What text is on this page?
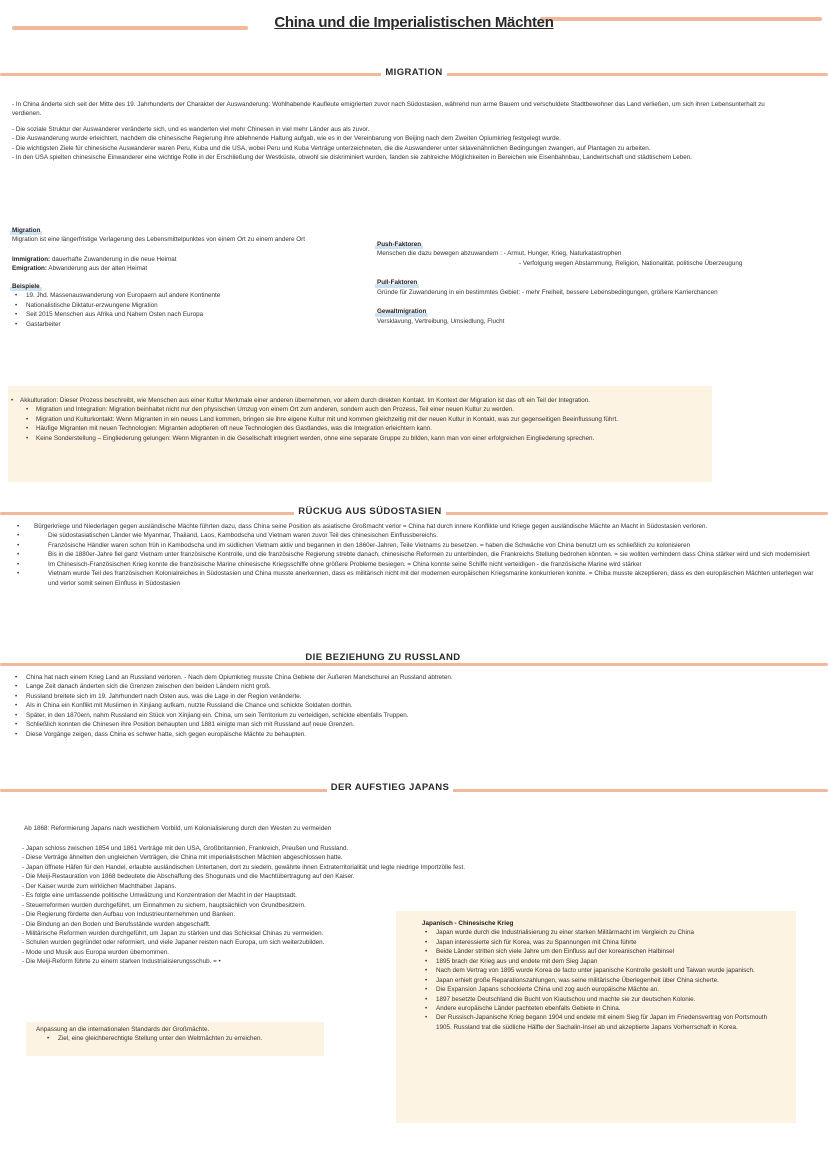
China und die Imperialistischen Mächten
MIGRATION

- In China änderte sich seit der Mitte des 19. Jahrhunderts der Charakter der Auswanderung: Wohlhabende Kaufleute emigrierten zuvor nach Südostasien, während nun arme Bauern und verschuldete Stadtbewohner das Land verließen, um sich ihren Lebensunterhalt zu verdienen.

- Die soziale Struktur der Auswanderer veränderte sich, und es wanderten viel mehr Chinesen in viel mehr Länder aus als zuvor.

- Die Auswanderung wurde erleichtert, nachdem die chinesische Regierung ihre ablehnende Haltung aufgab, wie es in der Vereinbarung von Beijing nach dem Zweiten Opiumkrieg festgelegt wurde.

- Die wichtigsten Ziele für chinesische Auswanderer waren Peru, Kuba und die USA, wobei Peru und Kuba Verträge unterzeichneten, die die Auswanderer unter sklavenähnlichen Bedingungen zwangen, auf Plantagen zu arbeiten.

- In den USA spielten chinesische Einwanderer eine wichtige Rolle in der Erschließung der Westküste, obwohl sie diskriminiert wurden, fanden sie zahlreiche Möglichkeiten in Bereichen wie Eisenbahnbau, Landwirtschaft und städtischem Leben.

Migration

Migration ist eine längerfristige Verlagerung des Lebensmittelpunktes von einem Ort zu einem andere Ort

Immigration: dauerhafte Zuwanderung in die neue Heimat

Emigration: Abwanderung aus der alten Heimat

Beispiele

• 19. Jhd. Massenauswanderung von Europaern auf andere Kontinente
• Nationalistische Diktatur-erzwungene Migration
• Seit 2015 Menschen aus Afrika und Nahem Osten nach Europa
• Gastarbeiter

Push-Faktoren

Menschen die dazu bewegen abzuwandern : - Armut, Hunger, Krieg, Naturkatastrophen

- Verfolgung wegen Abstammung, Religion, Nationalität, politische Überzeugung

Pull-Faktoren

Gründe für Zuwanderung in ein bestimmtes Gebiet: - mehr Freiheit, bessere Lebensbedingungen, größere Karrierchancen

Gewaltmigration

Versklavung, Vertreibung, Umsiedlung, Flucht

• Akkulturation: Dieser Prozess beschreibt, wie Menschen aus einer Kultur Merkmale einer anderen übernehmen, vor allem durch direkten Kontakt. Im Kontext der Migration ist das oft ein Teil der Integration.
• Migration und Integration: Migration beinhaltet nicht nur den physischen Umzug von einem Ort zum anderen, sondern auch den Prozess, Teil einer neuen Kultur zu werden.
• Migration und Kulturkontakt: Wenn Migranten in ein neues Land kommen, bringen sie ihre eigene Kultur mit und kommen gleichzeitig mit der neuen Kultur in Kontakt, was zur gegenseitigen Beeinflussung führt.
• Häufige Migranten mit neuen Technologien: Migranten adoptieren oft neue Technologien des Gastlandes, was die Integration erleichtern kann.
• Keine Sonderstellung – Eingliederung gelungen: Wenn Migranten in die Gesellschaft integriert werden, ohne eine separate Gruppe zu bilden, kann man von einer erfolgreichen Eingliederung sprechen.
RÜCKUG AUS SÜDOSTASIEN
• Bürgerkriege und Niederlagen gegen ausländische Mächte führten dazu, dass China seine Position als asiatische Großmacht verlor = China hat durch innere Konflikte und Kriege gegen ausländische Mächte an Macht in Südostasien verloren.
• Die südostasiatischen Länder wie Myanmar, Thailand, Laos, Kambodscha und Vietnam waren zuvor Teil des chinesischen Einflussbereichs.
• Französische Händler waren schon früh in Kambodscha und im südlichen Vietnam aktiv und begannen in den 1860er-Jahren, Teile Vietnams zu besetzen. = haben die Schwäche von China benutzt um es schließlich zu kolonisieren
• Bis in die 1880er-Jahre fiel ganz Vietnam unter französische Kontrolle, und die französische Regierung strebte danach, chinesische Reformen zu unterbinden, die Frankreichs Stellung bedrohen könnten. = sie wollten verhindern dass China stärker wird und sich modernisiert
• Im Chinesisch-Französischen Krieg konnte die französische Marine chinesische Kriegsschiffe ohne größere Probleme besiegen. = China konnte seine Schiffe nicht verteidigen - die französische Marine wird stärker
• Vietnam wurde Teil des französischen Kolonialreiches in Südostasien und China musste anerkennen, dass es militärisch nicht mit der modernen europäischen Kriegsmarine konkurrieren konnte. = Chiba musste akzeptieren, dass es den europäischen Mächten unterlegen war und verlor somit seinen Einfluss in Südostasien
DIE BEZIEHUNG ZU RUSSLAND
• China hat nach einem Krieg Land an Russland verloren. - Nach dem Opiumkrieg musste China Gebiete der Äußeren Mandschurei an Russland abtreten.
• Lange Zeit danach änderten sich die Grenzen zwischen den beiden Ländern nicht groß.
• Russland breitete sich im 19. Jahrhundert nach Osten aus, was die Lage in der Region veränderte.
• Als in China ein Konflikt mit Muslimen in Xinjiang aufkam, nutzte Russland die Chance und schickte Soldaten dorthin.
• Später, in den 1870ern, nahm Russland ein Stück von Xinjiang ein. China, um sein Territorium zu verteidigen, schickte ebenfalls Truppen.
• Schließlich konnten die Chinesen ihre Position behaupten und 1881 einigte man sich mit Russland auf neue Grenzen.
• Diese Vorgänge zeigen, dass China es schwer hatte, sich gegen europäische Mächte zu behaupten.
DER AUFSTIEG JAPANS
Ab 1868: Reformierung Japans nach westlichem Vorbild, um Kolonialisierung durch den Westen zu vermeiden

- Japan schloss zwischen 1854 und 1861 Verträge mit den USA, Großbritannien, Frankreich, Preußen und Russland.

- Diese Verträge ähnelten den ungleichen Verträgen, die China mit imperialistischen Mächten abgeschlossen hatte.

- Japan öffnete Häfen für den Handel, erlaubte ausländischen Untertanen, dort zu siedeln, gewährte ihnen Extraterritorialität und legte niedrige Importzölle fest.

- Die Meiji-Restauration von 1868 bedeutete die Abschaffung des Shogunats und die Machtübertragung auf den Kaiser.

- Der Kaiser wurde zum wirklichen Machthaber Japans.

- Es folgte eine umfassende politische Umwälzung und Konzentration der Macht in der Hauptstadt.

- Steuerreformen wurden durchgeführt, um Einnahmen zu sichern, hauptsächlich von Grundbesitzern.

- Die Regierung förderte den Aufbau von Industrieunternehmen und Banken.

- Die Bindung an den Boden und Berufsstände wurden abgeschafft.

- Militärische Reformen wurden durchgeführt, um Japan zu stärken und das Schicksal Chinas zu vermeiden.

- Schulen wurden gegründet oder reformiert, und viele Japaner reisten nach Europa, um sich weiterzubilden.

- Mode und Musik aus Europa wurden übernommen.

- Die Meiji-Reform führte zu einem starken Industrialisierungsschub. = •

Anpassung an die internationalen Standards der Großmächte.

• Ziel, eine gleichberechtigte Stellung unter den Weltmächten zu erreichen.

Japanisch - Chinesische Krieg

• Japan wurde durch die Industrialisierung zu einer starken Militärmacht im Vergleich zu China
• Japan interessierte sich für Korea, was zu Spannungen mit China führte
• Beide Länder stritten sich viele Jahre um den Einfluss auf der koreanischen Halbinsel
• 1895 brach der Krieg aus und endete mit dem Sieg Japan
• Nach dem Vertrag von 1895 wurde Korea de facto unter japanische Kontrolle gestellt und Taiwan wurde japanisch.
• Japan erhielt große Reparationszahlungen, was seine militärische Überlegenheit über China sicherte.
• Die Expansion Japans schockierte China und zog auch europäische Mächte an.
• 1897 besetzte Deutschland die Bucht von Kiautschou und machte sie zur deutschen Kolonie.
• Andere europäische Länder pachteten ebenfalls Gebiete in China.
• Der Russisch-Japanische Krieg begann 1904 und endete mit einem Sieg für Japan im Friedensvertrag von Portsmouth 1905. Russland trat die südliche Hälfte der Sachalin-Insel ab und akzeptierte Japans Vorherrschaft in Korea.
